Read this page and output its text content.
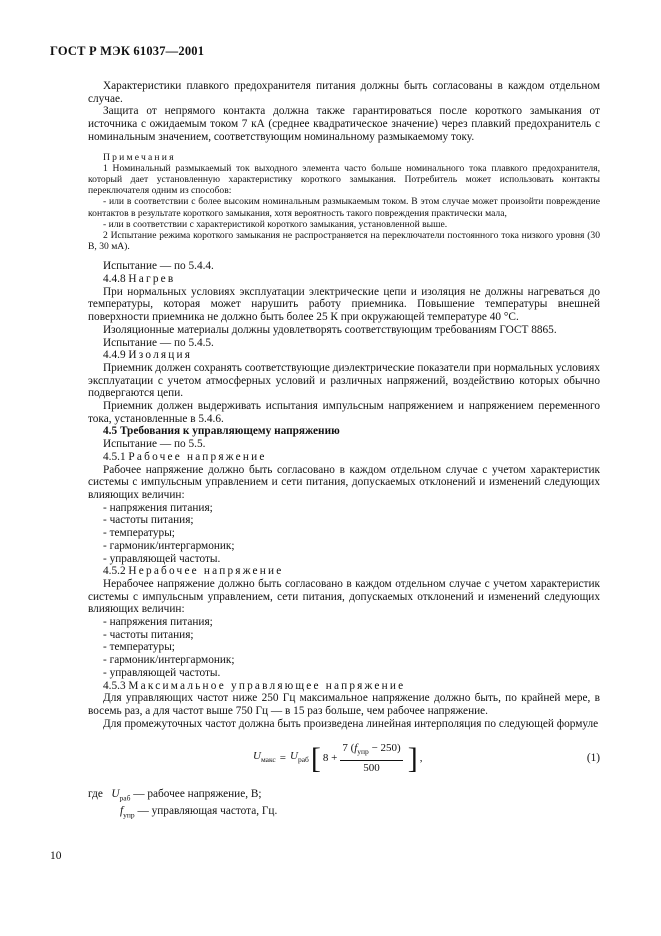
ГОСТ Р МЭК 61037—2001

Характеристики плавкого предохранителя питания должны быть согласованы в каждом отдельном случае.

Защита от непрямого контакта должна также гарантироваться после короткого замыкания от источника с ожидаемым током 7 кА (среднее квадратическое значение) через плавкий предохранитель с номинальным значением, соответствующим номинальному размыкаемому току.

Примечания

1 Номинальный размыкаемый ток выходного элемента часто больше номинального тока плавкого предохранителя, который дает установленную характеристику короткого замыкания. Потребитель может использовать контакты переключателя одним из способов:

- или в соответствии с более высоким номинальным размыкаемым током. В этом случае может произойти повреждение контактов в результате короткого замыкания, хотя вероятность такого повреждения практически мала,

- или в соответствии с характеристикой короткого замыкания, установленной выше.

2 Испытание режима короткого замыкания не распространяется на переключатели постоянного тока низкого уровня (30 В, 30 мА).

Испытание — по 5.4.4.

4.4.8 Нагрев

При нормальных условиях эксплуатации электрические цепи и изоляция не должны нагреваться до температуры, которая может нарушить работу приемника. Повышение температуры внешней поверхности приемника не должно быть более 25 К при окружающей температуре 40 °С.

Изоляционные материалы должны удовлетворять соответствующим требованиям ГОСТ 8865.

Испытание — по 5.4.5.

4.4.9 Изоляция

Приемник должен сохранять соответствующие диэлектрические показатели при нормальных условиях эксплуатации с учетом атмосферных условий и различных напряжений, воздействию которых обычно подвергаются цепи.

Приемник должен выдерживать испытания импульсным напряжением и напряжением переменного тока, установленные в 5.4.6.

4.5 Требования к управляющему напряжению

Испытание — по 5.5.

4.5.1 Рабочее напряжение

Рабочее напряжение должно быть согласовано в каждом отдельном случае с учетом характеристик системы с импульсным управлением и сети питания, допускаемых отклонений и изменений следующих влияющих величин:

- напряжения питания;

- частоты питания;

- температуры;

- гармоник/интергармоник;

- управляющей частоты.

4.5.2 Нерабочее напряжение

Нерабочее напряжение должно быть согласовано в каждом отдельном случае с учетом характеристик системы с импульсным управлением, сети питания, допускаемых отклонений и изменений следующих влияющих величин:

- напряжения питания;

- частоты питания;

- температуры;

- гармоник/интергармоник;

- управляющей частоты.

4.5.3 Максимальное управляющее напряжение

Для управляющих частот ниже 250 Гц максимальное напряжение должно быть, по крайней мере, в восемь раз, а для частот выше 750 Гц — в 15 раз больше, чем рабочее напряжение.

Для промежуточных частот должна быть произведена линейная интерполяция по следующей формуле

$U_{макс} = U_{раб}$ [ $8 + \frac{7 (f_{упр} - 250)}{500}$ ] ,	(1)

где $U_{раб}$ — рабочее напряжение, В;

$f_{упр}$ — управляющая частота, Гц.

10
